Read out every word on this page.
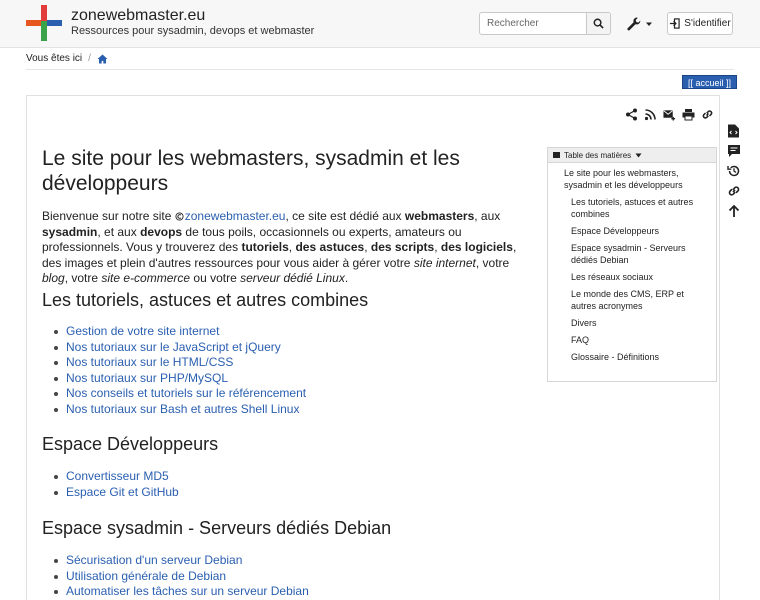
zonewebmaster.eu
Ressources pour sysadmin, devops et webmaster
Rechercher
S'identifier
Vous êtes ici /
[[ accueil ]]
Le site pour les webmasters, sysadmin et les développeurs
Bienvenue sur notre site zonewebmaster.eu, ce site est dédié aux webmasters, aux sysadmin, et aux devops de tous poils, occasionnels ou experts, amateurs ou professionnels. Vous y trouverez des tutoriels, des astuces, des scripts, des logiciels, des images et plein d'autres ressources pour vous aider à gérer votre site internet, votre blog, votre site e-commerce ou votre serveur dédié Linux.
Les tutoriels, astuces et autres combines
Gestion de votre site internet
Nos tutoriaux sur le JavaScript et jQuery
Nos tutoriaux sur le HTML/CSS
Nos tutoriaux sur PHP/MySQL
Nos conseils et tutoriels sur le référencement
Nos tutoriaux sur Bash et autres Shell Linux
Espace Développeurs
Convertisseur MD5
Espace Git et GitHub
Espace sysadmin - Serveurs dédiés Debian
Sécurisation d'un serveur Debian
Utilisation générale de Debian
Automatiser les tâches sur un serveur Debian
Table des matières
Le site pour les webmasters, sysadmin et les développeurs
Les tutoriels, astuces et autres combines
Espace Développeurs
Espace sysadmin - Serveurs dédiés Debian
Les réseaux sociaux
Le monde des CMS, ERP et autres acronymes
Divers
FAQ
Glossaire - Définitions
